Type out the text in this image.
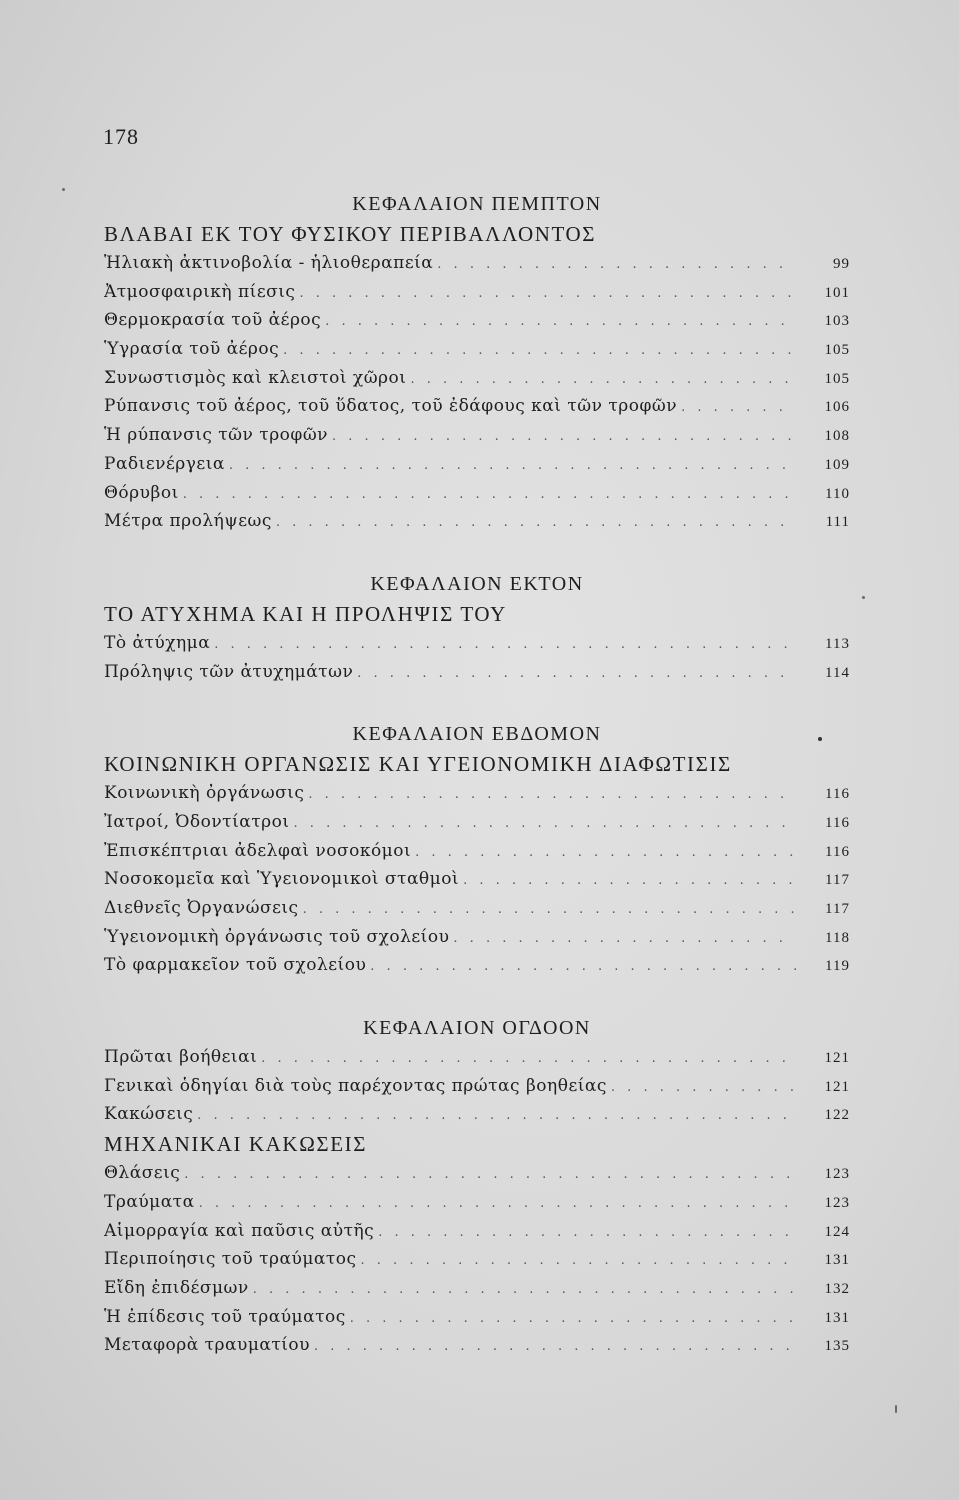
178
ΚΕΦΑΛΑΙΟΝ ΠΕΜΠΤΟΝ
ΒΛΑΒΑΙ ΕΚ ΤΟΥ ΦΥΣΙΚΟΥ ΠΕΡΙΒΑΛΛΟΝΤΟΣ
Ἡλιακὴ ἀκτινοβολία - ἡλιοθεραπεία . . .	99
Ἀτμοσφαιρικὴ πίεσις . . .	101
Θερμοκρασία τοῦ ἀέρος . . .	103
Ὑγρασία τοῦ ἀέρος . . .	105
Συνωστισμὸς καὶ κλειστοὶ χῶροι . . .	105
Ρύπανσις τοῦ ἀέρος, τοῦ ὕδατος, τοῦ ἐδάφους καὶ τῶν τροφῶν . . .	106
Ἡ ρύπανσις τῶν τροφῶν . . .	108
Ραδιενέργεια . . .	109
Θόρυβοι . . .	110
Μέτρα προλήψεως . . .	111
ΚΕΦΑΛΑΙΟΝ ΕΚΤΟΝ
ΤΟ ΑΤΥΧΗΜΑ ΚΑΙ Η ΠΡΟΛΗΨΙΣ ΤΟΥ
Τὸ ἀτύχημα . . .	113
Πρόληψις τῶν ἀτυχημάτων . . .	114
ΚΕΦΑΛΑΙΟΝ ΕΒΔΟΜΟΝ
ΚΟΙΝΩΝΙΚΗ ΟΡΓΑΝΩΣΙΣ ΚΑΙ ΥΓΕΙΟΝΟΜΙΚΗ ΔΙΑΦΩΤΙΣΙΣ
Κοινωνικὴ ὀργάνωσις . . .	116
Ἰατροί, Ὀδοντίατροι . . .	116
Ἐπισκέπτριαι ἀδελφαὶ νοσοκόμοι . . .	116
Νοσοκομεῖα καὶ Ὑγειονομικοὶ σταθμοὶ . . .	117
Διεθνεῖς Ὀργανώσεις . . .	117
Ὑγειονομικὴ ὀργάνωσις τοῦ σχολείου . . .	118
Τὸ φαρμακεῖον τοῦ σχολείου . . .	119
ΚΕΦΑΛΑΙΟΝ ΟΓΔΟΟΝ
Πρῶται βοήθειαι . . .	121
Γενικαὶ ὁδηγίαι διὰ τοὺς παρέχοντας πρώτας βοηθείας . . .	121
Κακώσεις . . .	122
ΜΗΧΑΝΙΚΑΙ ΚΑΚΩΣΕΙΣ
Θλάσεις . . .	123
Τραύματα . . .	123
Αἱμορραγία καὶ παῦσις αὐτῆς . . .	124
Περιποίησις τοῦ τραύματος . . .	131
Εἴδη ἐπιδέσμων . . .	132
Ἡ ἐπίδεσις τοῦ τραύματος . . .	131
Μεταφορὰ τραυματίου . . .	135
